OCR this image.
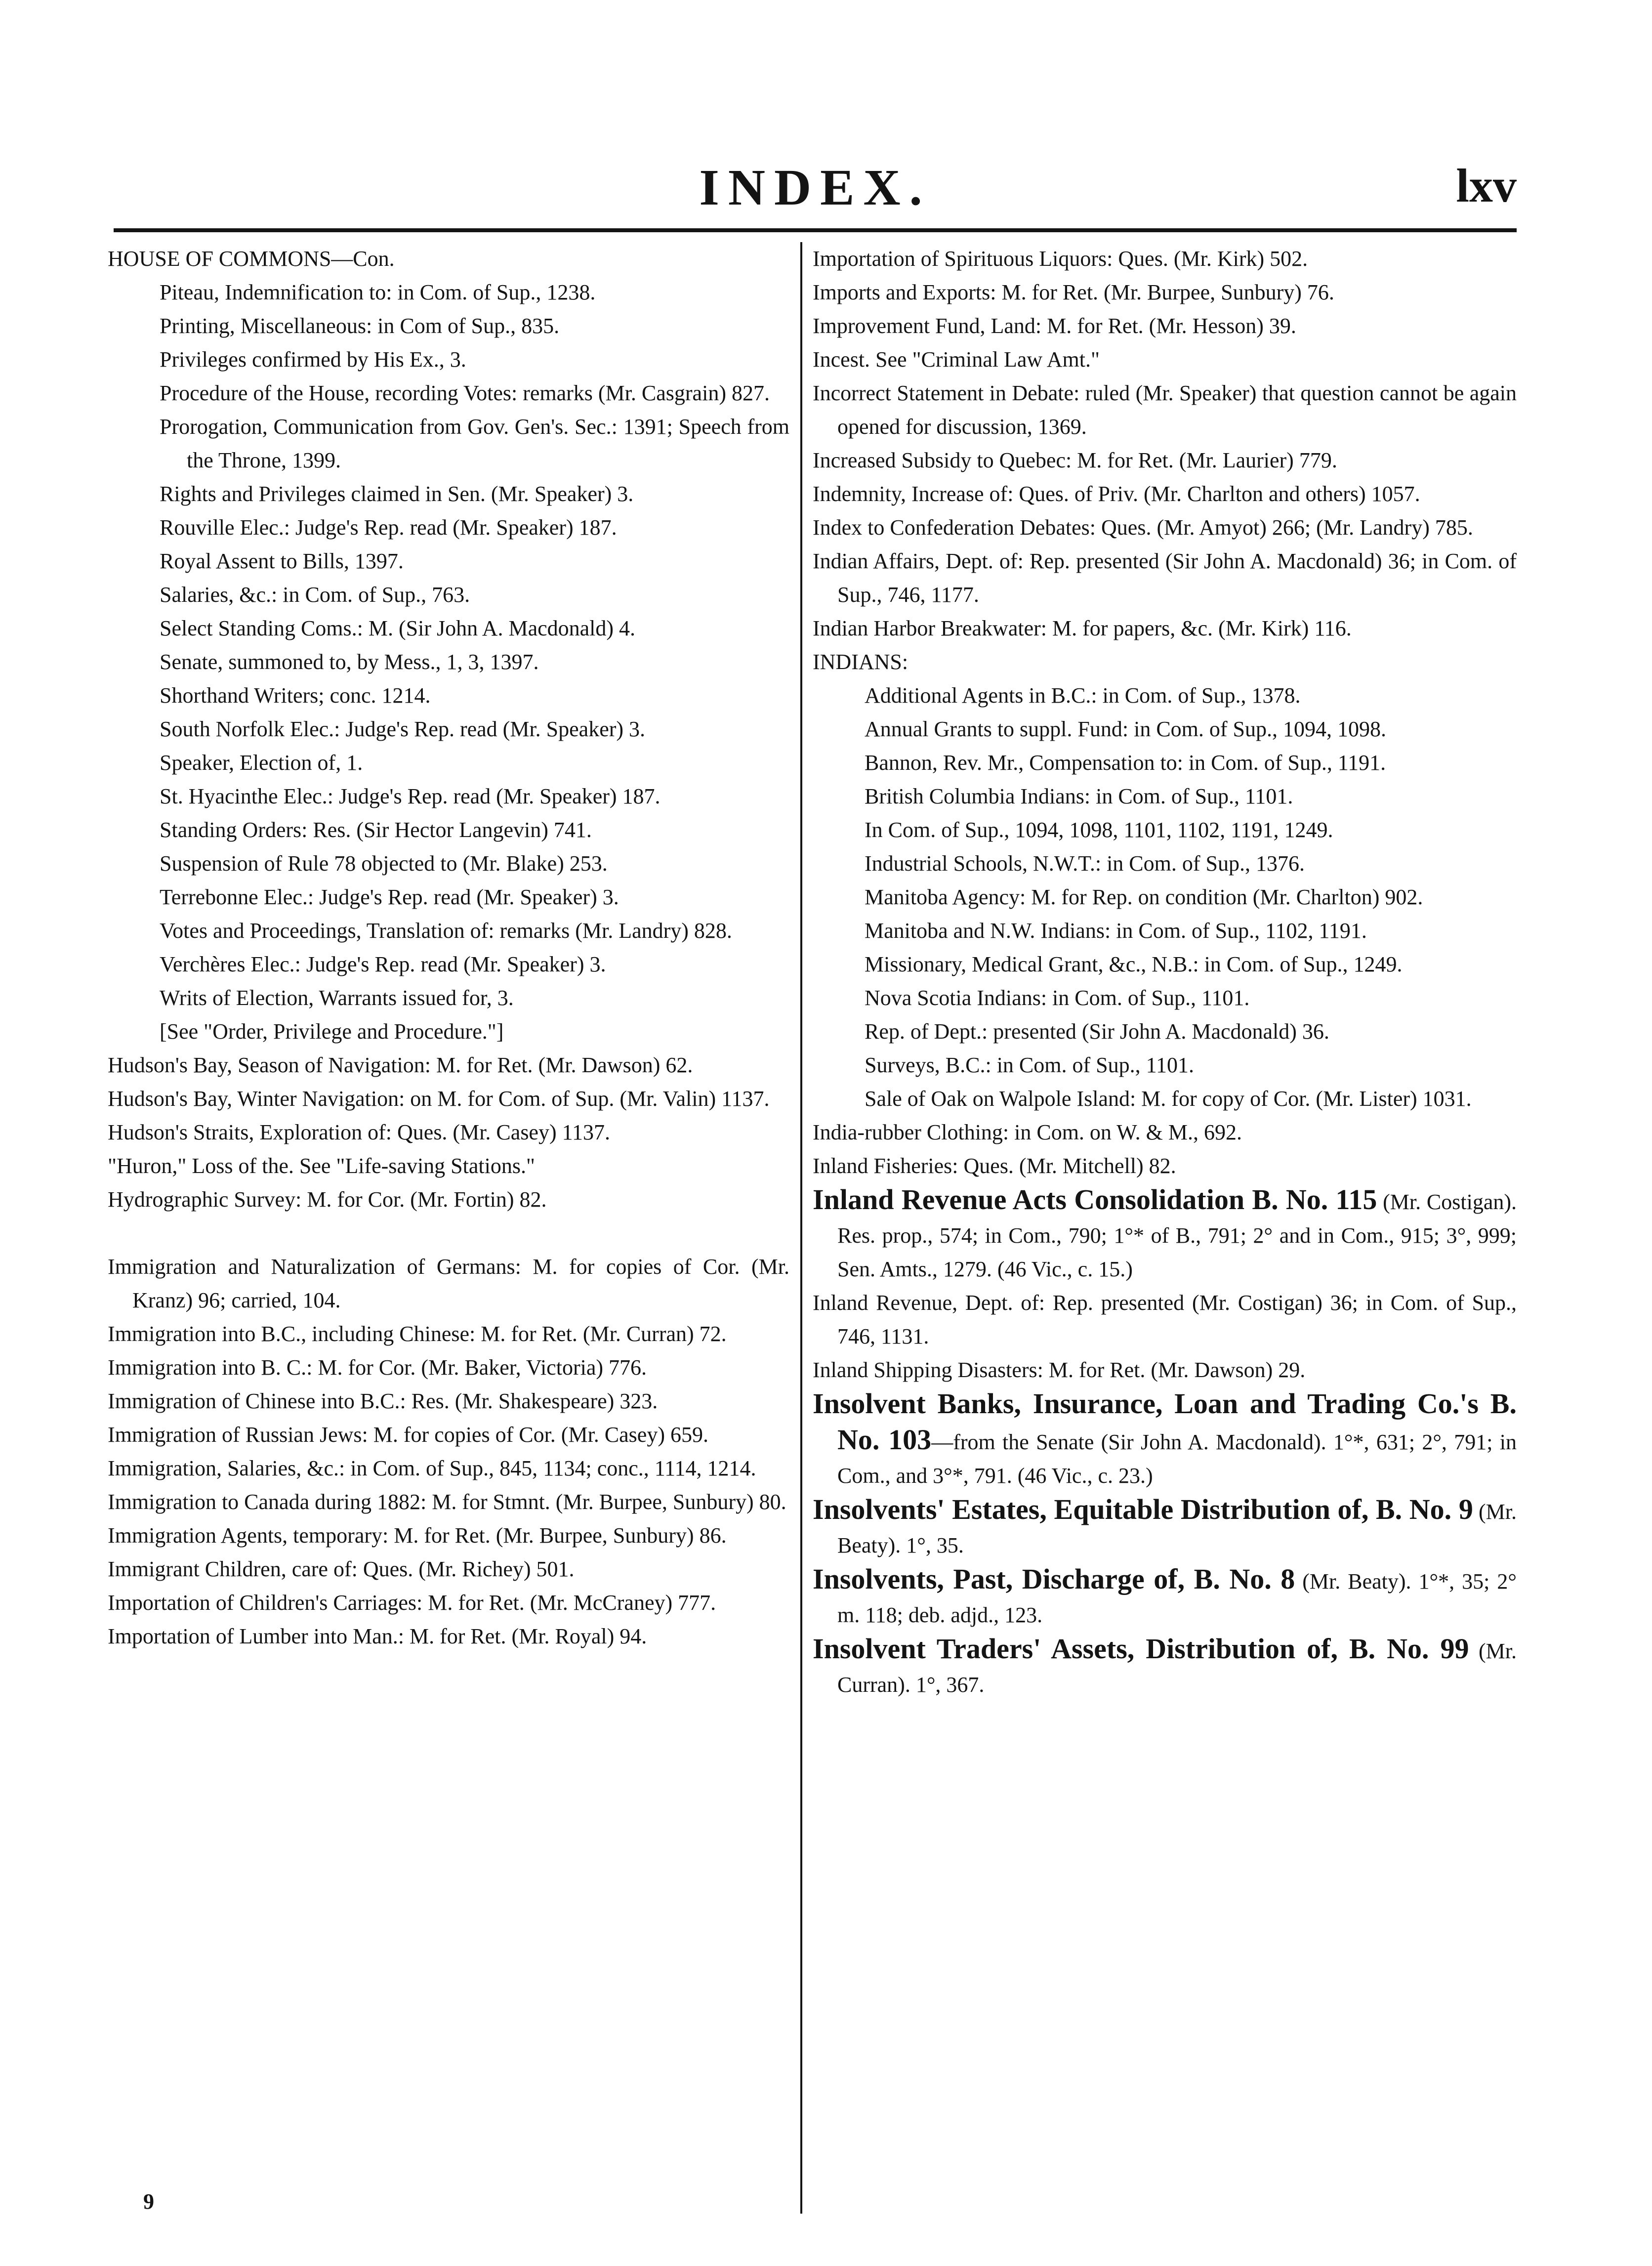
INDEX.	lxv
HOUSE OF COMMONS—Con.
Piteau, Indemnification to: in Com. of Sup., 1238.
Printing, Miscellaneous: in Com of Sup., 835.
Privileges confirmed by His Ex., 3.
Procedure of the House, recording Votes: remarks (Mr. Casgrain) 827.
Prorogation, Communication from Gov. Gen's. Sec.: 1391; Speech from the Throne, 1399.
Rights and Privileges claimed in Sen. (Mr. Speaker) 3.
Rouville Elec.: Judge's Rep. read (Mr. Speaker) 187.
Royal Assent to Bills, 1397.
Salaries, &c.: in Com. of Sup., 763.
Select Standing Coms.: M. (Sir John A. Macdonald) 4.
Senate, summoned to, by Mess., 1, 3, 1397.
Shorthand Writers; conc. 1214.
South Norfolk Elec.: Judge's Rep. read (Mr. Speaker) 3.
Speaker, Election of, 1.
St. Hyacinthe Elec.: Judge's Rep. read (Mr. Speaker) 187.
Standing Orders: Res. (Sir Hector Langevin) 741.
Suspension of Rule 78 objected to (Mr. Blake) 253.
Terrebonne Elec.: Judge's Rep. read (Mr. Speaker) 3.
Votes and Proceedings, Translation of: remarks (Mr. Landry) 828.
Verchères Elec.: Judge's Rep. read (Mr. Speaker) 3.
Writs of Election, Warrants issued for, 3.
[See "Order, Privilege and Procedure."]
Hudson's Bay, Season of Navigation: M. for Ret. (Mr. Dawson) 62.
Hudson's Bay, Winter Navigation: on M. for Com. of Sup. (Mr. Valin) 1137.
Hudson's Straits, Exploration of: Ques. (Mr. Casey) 1137.
"Huron," Loss of the. See "Life-saving Stations."
Hydrographic Survey: M. for Cor. (Mr. Fortin) 82.
Immigration and Naturalization of Germans: M. for copies of Cor. (Mr. Kranz) 96; carried, 104.
Immigration into B.C., including Chinese: M. for Ret. (Mr. Curran) 72.
Immigration into B. C.: M. for Cor. (Mr. Baker, Victoria) 776.
Immigration of Chinese into B.C.: Res. (Mr. Shakespeare) 323.
Immigration of Russian Jews: M. for copies of Cor. (Mr. Casey) 659.
Immigration, Salaries, &c.: in Com. of Sup., 845, 1134; conc., 1114, 1214.
Immigration to Canada during 1882: M. for Stmnt. (Mr. Burpee, Sunbury) 80.
Immigration Agents, temporary: M. for Ret. (Mr. Burpee, Sunbury) 86.
Immigrant Children, care of: Ques. (Mr. Richey) 501.
Importation of Children's Carriages: M. for Ret. (Mr. McCraney) 777.
Importation of Lumber into Man.: M. for Ret. (Mr. Royal) 94.
Importation of Spirituous Liquors: Ques. (Mr. Kirk) 502.
Imports and Exports: M. for Ret. (Mr. Burpee, Sunbury) 76.
Improvement Fund, Land: M. for Ret. (Mr. Hesson) 39.
Incest. See "Criminal Law Amt."
Incorrect Statement in Debate: ruled (Mr. Speaker) that question cannot be again opened for discussion, 1369.
Increased Subsidy to Quebec: M. for Ret. (Mr. Laurier) 779.
Indemnity, Increase of: Ques. of Priv. (Mr. Charlton and others) 1057.
Index to Confederation Debates: Ques. (Mr. Amyot) 266; (Mr. Landry) 785.
Indian Affairs, Dept. of: Rep. presented (Sir John A. Macdonald) 36; in Com. of Sup., 746, 1177.
Indian Harbor Breakwater: M. for papers, &c. (Mr. Kirk) 116.
INDIANS:
Additional Agents in B.C.: in Com. of Sup., 1378.
Annual Grants to suppl. Fund: in Com. of Sup., 1094, 1098.
Bannon, Rev. Mr., Compensation to: in Com. of Sup., 1191.
British Columbia Indians: in Com. of Sup., 1101.
In Com. of Sup., 1094, 1098, 1101, 1102, 1191, 1249.
Industrial Schools, N.W.T.: in Com. of Sup., 1376.
Manitoba Agency: M. for Rep. on condition (Mr. Charlton) 902.
Manitoba and N.W. Indians: in Com. of Sup., 1102, 1191.
Missionary, Medical Grant, &c., N.B.: in Com. of Sup., 1249.
Nova Scotia Indians: in Com. of Sup., 1101.
Rep. of Dept.: presented (Sir John A. Macdonald) 36.
Surveys, B.C.: in Com. of Sup., 1101.
Sale of Oak on Walpole Island: M. for copy of Cor. (Mr. Lister) 1031.
India-rubber Clothing: in Com. on W. & M., 692.
Inland Fisheries: Ques. (Mr. Mitchell) 82.
Inland Revenue Acts Consolidation B. No. 115 (Mr. Costigan). Res. prop., 574; in Com., 790; 1°* of B., 791; 2° and in Com., 915; 3°, 999; Sen. Amts., 1279. (46 Vic., c. 15.)
Inland Revenue, Dept. of: Rep. presented (Mr. Costigan) 36; in Com. of Sup., 746, 1131.
Inland Shipping Disasters: M. for Ret. (Mr. Dawson) 29.
Insolvent Banks, Insurance, Loan and Trading Co.'s B. No. 103—from the Senate (Sir John A. Macdonald). 1°*, 631; 2°, 791; in Com., and 3°*, 791. (46 Vic., c. 23.)
Insolvents' Estates, Equitable Distribution of, B. No. 9 (Mr. Beaty). 1°, 35.
Insolvents, Past, Discharge of, B. No. 8 (Mr. Beaty). 1°*, 35; 2° m. 118; deb. adjd., 123.
Insolvent Traders' Assets, Distribution of, B. No. 99 (Mr. Curran). 1°, 367.
9
